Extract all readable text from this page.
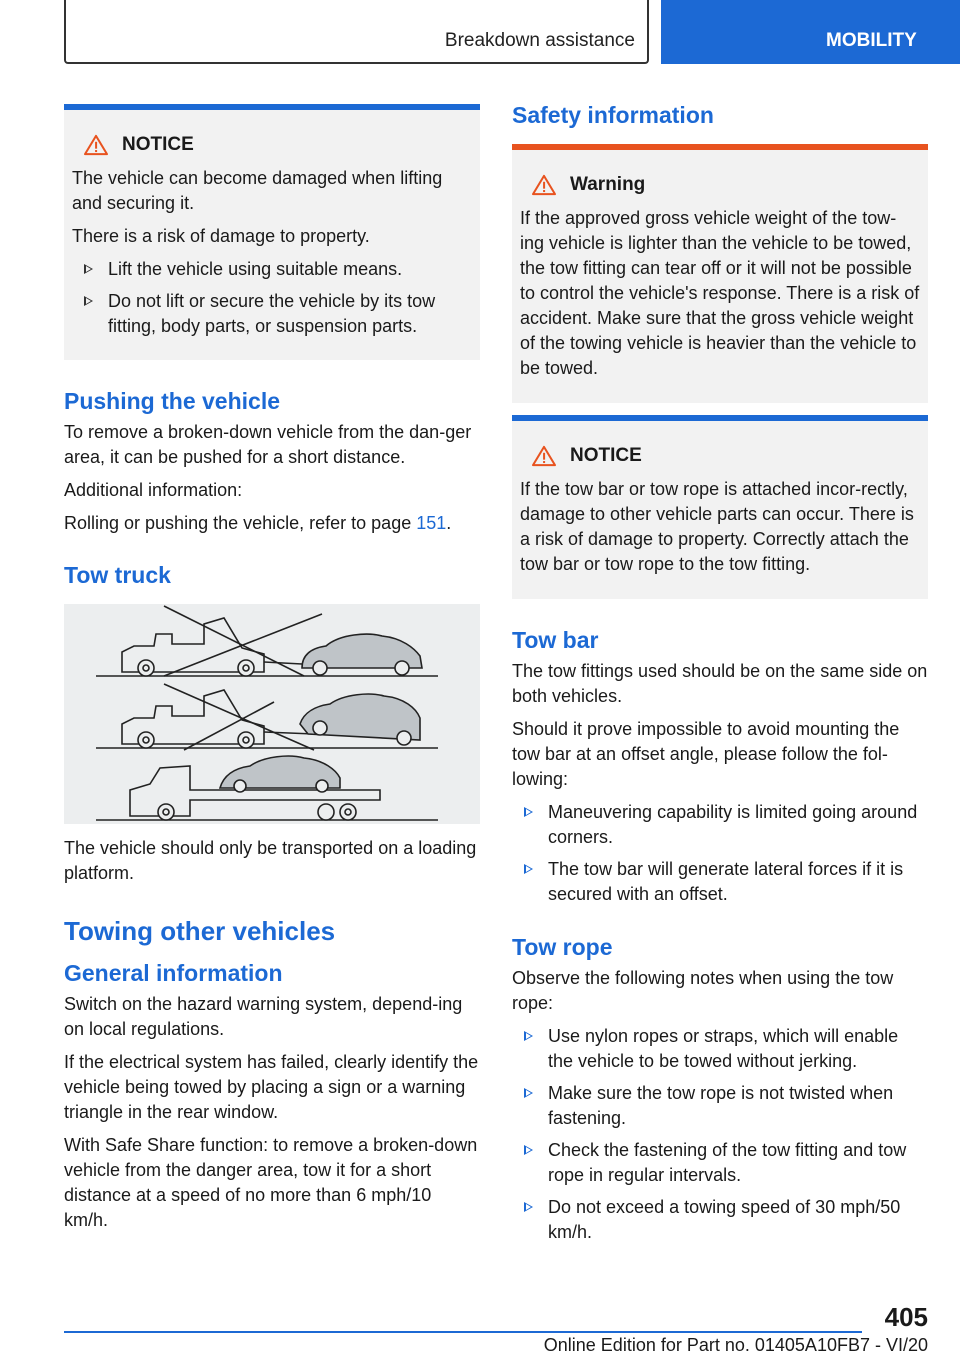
Breakdown assistance	MOBILITY
NOTICE

The vehicle can become damaged when lifting and securing it.

There is a risk of damage to property.

Lift the vehicle using suitable means.
Do not lift or secure the vehicle by its tow fitting, body parts, or suspension parts.
Pushing the vehicle

To remove a broken-down vehicle from the dan‐ger area, it can be pushed for a short distance.

Additional information:

Rolling or pushing the vehicle, refer to page 151.

Tow truck

The vehicle should only be transported on a loading platform.

Towing other vehicles
General information

Switch on the hazard warning system, depend‐ing on local regulations.

If the electrical system has failed, clearly identify the vehicle being towed by placing a sign or a warning triangle in the rear window.

With Safe Share function: to remove a broken-down vehicle from the danger area, tow it for a short distance at a speed of no more than 6 mph/10 km/h.

Safety information
Warning

If the approved gross vehicle weight of the tow‐ing vehicle is lighter than the vehicle to be towed, the tow fitting can tear off or it will not be possible to control the vehicle's response. There is a risk of accident. Make sure that the gross vehicle weight of the towing vehicle is heavier than the vehicle to be towed.

NOTICE

If the tow bar or tow rope is attached incor‐rectly, damage to other vehicle parts can occur. There is a risk of damage to property. Correctly attach the tow bar or tow rope to the tow fitting.

Tow bar

The tow fittings used should be on the same side on both vehicles.

Should it prove impossible to avoid mounting the tow bar at an offset angle, please follow the fol‐lowing:

Maneuvering capability is limited going around corners.
The tow bar will generate lateral forces if it is secured with an offset.
Tow rope

Observe the following notes when using the tow rope:

Use nylon ropes or straps, which will enable the vehicle to be towed without jerking.
Make sure the tow rope is not twisted when fastening.
Check the fastening of the tow fitting and tow rope in regular intervals.
Do not exceed a towing speed of 30 mph/50 km/h.
405
Online Edition for Part no. 01405A10FB7 - VI/20
